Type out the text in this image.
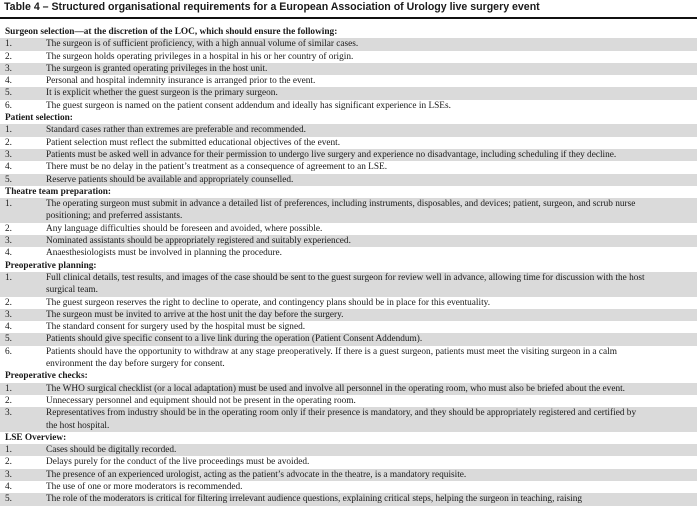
Table 4 – Structured organisational requirements for a European Association of Urology live surgery event
Surgeon selection—at the discretion of the LOC, which should ensure the following:
1.	The surgeon is of sufficient proficiency, with a high annual volume of similar cases.
2.	The surgeon holds operating privileges in a hospital in his or her country of origin.
3.	The surgeon is granted operating privileges in the host unit.
4.	Personal and hospital indemnity insurance is arranged prior to the event.
5.	It is explicit whether the guest surgeon is the primary surgeon.
6.	The guest surgeon is named on the patient consent addendum and ideally has significant experience in LSEs.
Patient selection:
1.	Standard cases rather than extremes are preferable and recommended.
2.	Patient selection must reflect the submitted educational objectives of the event.
3.	Patients must be asked well in advance for their permission to undergo live surgery and experience no disadvantage, including scheduling if they decline.
4.	There must be no delay in the patient’s treatment as a consequence of agreement to an LSE.
5.	Reserve patients should be available and appropriately counselled.
Theatre team preparation:
1.	The operating surgeon must submit in advance a detailed list of preferences, including instruments, disposables, and devices; patient, surgeon, and scrub nurse positioning; and preferred assistants.
2.	Any language difficulties should be foreseen and avoided, where possible.
3.	Nominated assistants should be appropriately registered and suitably experienced.
4.	Anaesthesiologists must be involved in planning the procedure.
Preoperative planning:
1.	Full clinical details, test results, and images of the case should be sent to the guest surgeon for review well in advance, allowing time for discussion with the host surgical team.
2.	The guest surgeon reserves the right to decline to operate, and contingency plans should be in place for this eventuality.
3.	The surgeon must be invited to arrive at the host unit the day before the surgery.
4.	The standard consent for surgery used by the hospital must be signed.
5.	Patients should give specific consent to a live link during the operation (Patient Consent Addendum).
6.	Patients should have the opportunity to withdraw at any stage preoperatively. If there is a guest surgeon, patients must meet the visiting surgeon in a calm environment the day before surgery for consent.
Preoperative checks:
1.	The WHO surgical checklist (or a local adaptation) must be used and involve all personnel in the operating room, who must also be briefed about the event.
2.	Unnecessary personnel and equipment should not be present in the operating room.
3.	Representatives from industry should be in the operating room only if their presence is mandatory, and they should be appropriately registered and certified by the host hospital.
LSE Overview:
1.	Cases should be digitally recorded.
2.	Delays purely for the conduct of the live proceedings must be avoided.
3.	The presence of an experienced urologist, acting as the patient’s advocate in the theatre, is a mandatory requisite.
4.	The use of one or more moderators is recommended.
5.	The role of the moderators is critical for filtering irrelevant audience questions, explaining critical steps, helping the surgeon in teaching, raising
